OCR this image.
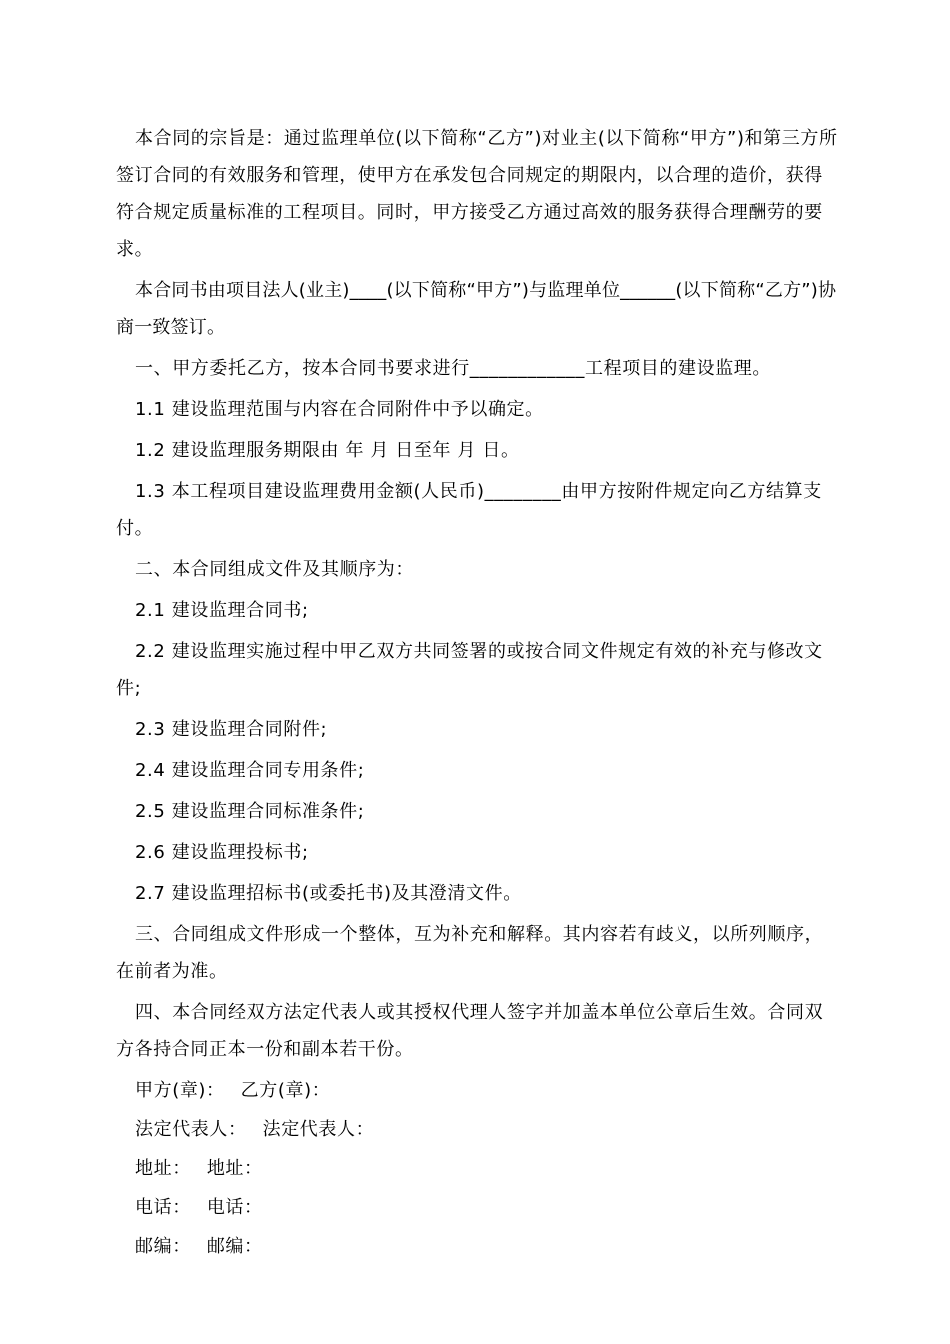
本合同的宗旨是：通过监理单位(以下简称“乙方”)对业主(以下简称“甲方”)和第三方所签订合同的有效服务和管理，使甲方在承发包合同规定的期限内，以合理的造价，获得符合规定质量标准的工程项目。同时，甲方接受乙方通过高效的服务获得合理酬劳的要求。

本合同书由项目法人(业主)____(以下简称“甲方”)与监理单位______(以下简称“乙方”)协商一致签订。

一、甲方委托乙方，按本合同书要求进行____________工程项目的建设监理。

1.1 建设监理范围与内容在合同附件中予以确定。

1.2 建设监理服务期限由 年 月 日至年 月 日。

1.3 本工程项目建设监理费用金额(人民币)________由甲方按附件规定向乙方结算支付。

二、本合同组成文件及其顺序为：

2.1 建设监理合同书;

2.2 建设监理实施过程中甲乙双方共同签署的或按合同文件规定有效的补充与修改文件;

2.3 建设监理合同附件;

2.4 建设监理合同专用条件;

2.5 建设监理合同标准条件;

2.6 建设监理投标书;

2.7 建设监理招标书(或委托书)及其澄清文件。

三、合同组成文件形成一个整体，互为补充和解释。其内容若有歧义，以所列顺序，在前者为准。

四、本合同经双方法定代表人或其授权代理人签字并加盖本单位公章后生效。合同双方各持合同正本一份和副本若干份。

甲方(章)： 乙方(章)：
法定代表人： 法定代表人：
地址： 地址：
电话： 电话：
邮编： 邮编：
